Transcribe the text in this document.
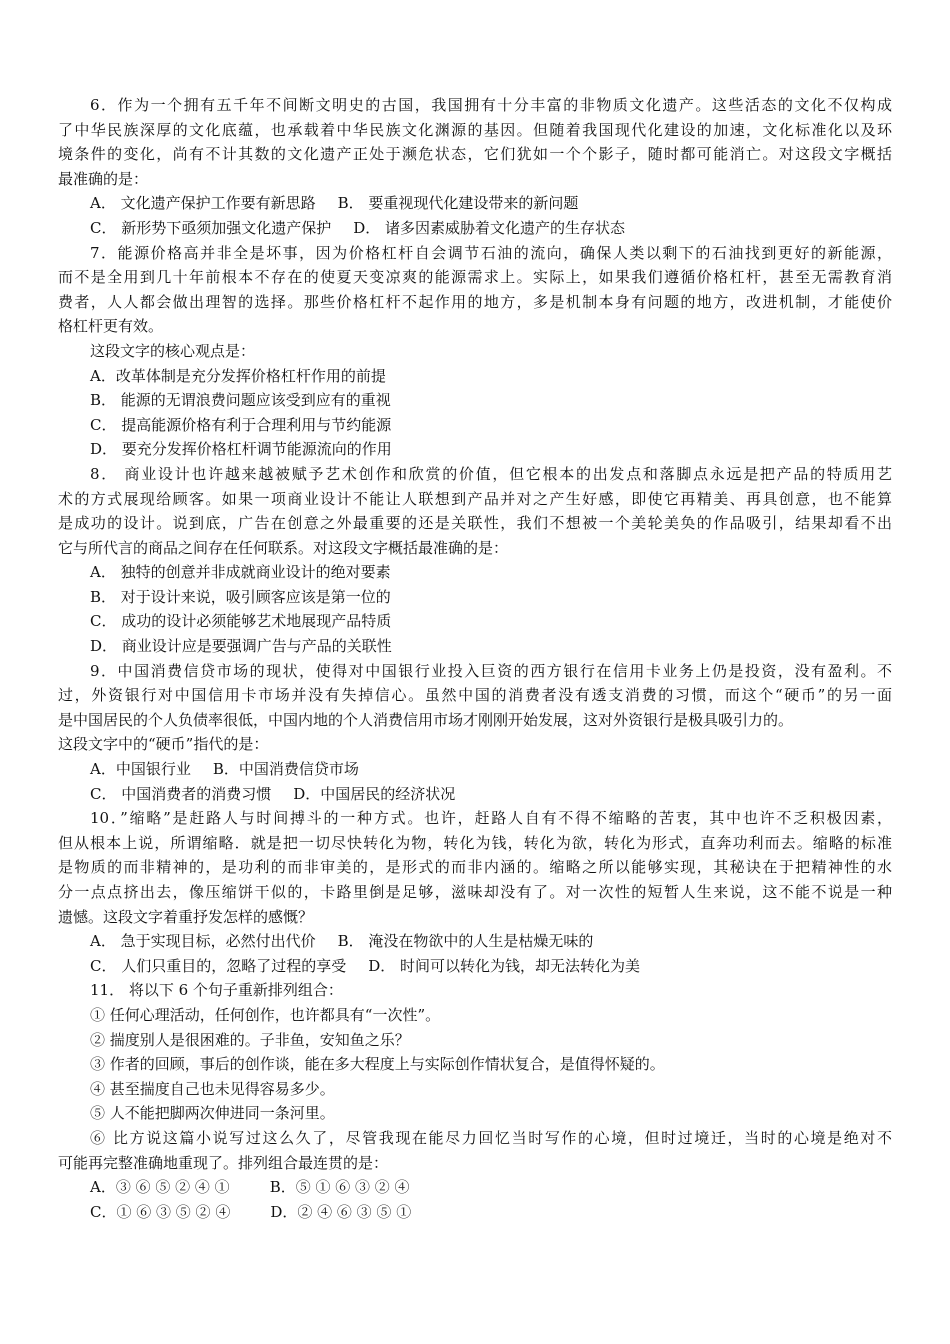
6．作为一个拥有五千年不间断文明史的古国，我国拥有十分丰富的非物质文化遗产。这些活态的文化不仅构成
了中华民族深厚的文化底蕴，也承载着中华民族文化渊源的基因。但随着我国现代化建设的加速，文化标准化以及环
境条件的变化，尚有不计其数的文化遗产正处于濒危状态，它们犹如一个个影子，随时都可能消亡。对这段文字概括
最准确的是：
A． 文化遗产保护工作要有新思路 B． 要重视现代化建设带来的新问题
C． 新形势下亟须加强文化遗产保护 D． 诸多因素威胁着文化遗产的生存状态
7．能源价格高并非全是坏事，因为价格杠杆自会调节石油的流向，确保人类以剩下的石油找到更好的新能源，
而不是全用到几十年前根本不存在的使夏天变凉爽的能源需求上。实际上，如果我们遵循价格杠杆，甚至无需教育消
费者，人人都会做出理智的选择。那些价格杠杆不起作用的地方，多是机制本身有问题的地方，改进机制，才能使价
格杠杆更有效。
这段文字的核心观点是：
A．改革体制是充分发挥价格杠杆作用的前提
B． 能源的无谓浪费问题应该受到应有的重视
C． 提高能源价格有利于合理利用与节约能源
D． 要充分发挥价格杠杆调节能源流向的作用
8． 商业设计也许越来越被赋予艺术创作和欣赏的价值，但它根本的出发点和落脚点永远是把产品的特质用艺
术的方式展现给顾客。如果一项商业设计不能让人联想到产品并对之产生好感，即使它再精美、再具创意，也不能算
是成功的设计。说到底，广告在创意之外最重要的还是关联性，我们不想被一个美轮美奂的作品吸引，结果却看不出
它与所代言的商品之间存在任何联系。对这段文字概括最准确的是：
A． 独特的创意并非成就商业设计的绝对要素
B． 对于设计来说，吸引顾客应该是第一位的
C． 成功的设计必须能够艺术地展现产品特质
D． 商业设计应是要强调广告与产品的关联性
9．中国消费信贷市场的现状，使得对中国银行业投入巨资的西方银行在信用卡业务上仍是投资，没有盈利。不
过，外资银行对中国信用卡市场并没有失掉信心。虽然中国的消费者没有透支消费的习惯，而这个“硬币”的另一面
是中国居民的个人负债率很低，中国内地的个人消费信用市场才刚刚开始发展，这对外资银行是极具吸引力的。
这段文字中的“硬币”指代的是：
A．中国银行业 B．中国消费信贷市场
C． 中国消费者的消费习惯 D．中国居民的经济状况
10．”缩略”是赶路人与时间搏斗的一种方式。也许，赶路人自有不得不缩略的苦衷，其中也许不乏积极因素，
但从根本上说，所谓缩略．就是把一切尽快转化为物，转化为钱，转化为欲，转化为形式，直奔功利而去。缩略的标准
是物质的而非精神的，是功利的而非审美的，是形式的而非内涵的。缩略之所以能够实现，其秘诀在于把精神性的水
分一点点挤出去，像压缩饼干似的，卡路里倒是足够，滋味却没有了。对一次性的短暂人生来说，这不能不说是一种
遗憾。这段文字着重抒发怎样的感慨？
A． 急于实现目标，必然付出代价 B． 淹没在物欲中的人生是枯燥无味的
C． 人们只重目的，忽略了过程的享受 D． 时间可以转化为钱，却无法转化为美
11． 将以下 6 个句子重新排列组合：
① 任何心理活动，任何创作，也许都具有“一次性”。
② 揣度别人是很困难的。子非鱼，安知鱼之乐？
③ 作者的回顾，事后的创作谈，能在多大程度上与实际创作情状复合，是值得怀疑的。
④ 甚至揣度自己也未见得容易多少。
⑤ 人不能把脚两次伸进同一条河里。
⑥ 比方说这篇小说写过这么久了，尽管我现在能尽力回忆当时写作的心境，但时过境迁，当时的心境是绝对不
可能再完整准确地重现了。排列组合最连贯的是：
A．③ ⑥ ⑤ ② ④ ①	B．⑤ ① ⑥ ③ ② ④
C．① ⑥ ③ ⑤ ② ④	D．② ④ ⑥ ③ ⑤ ①
